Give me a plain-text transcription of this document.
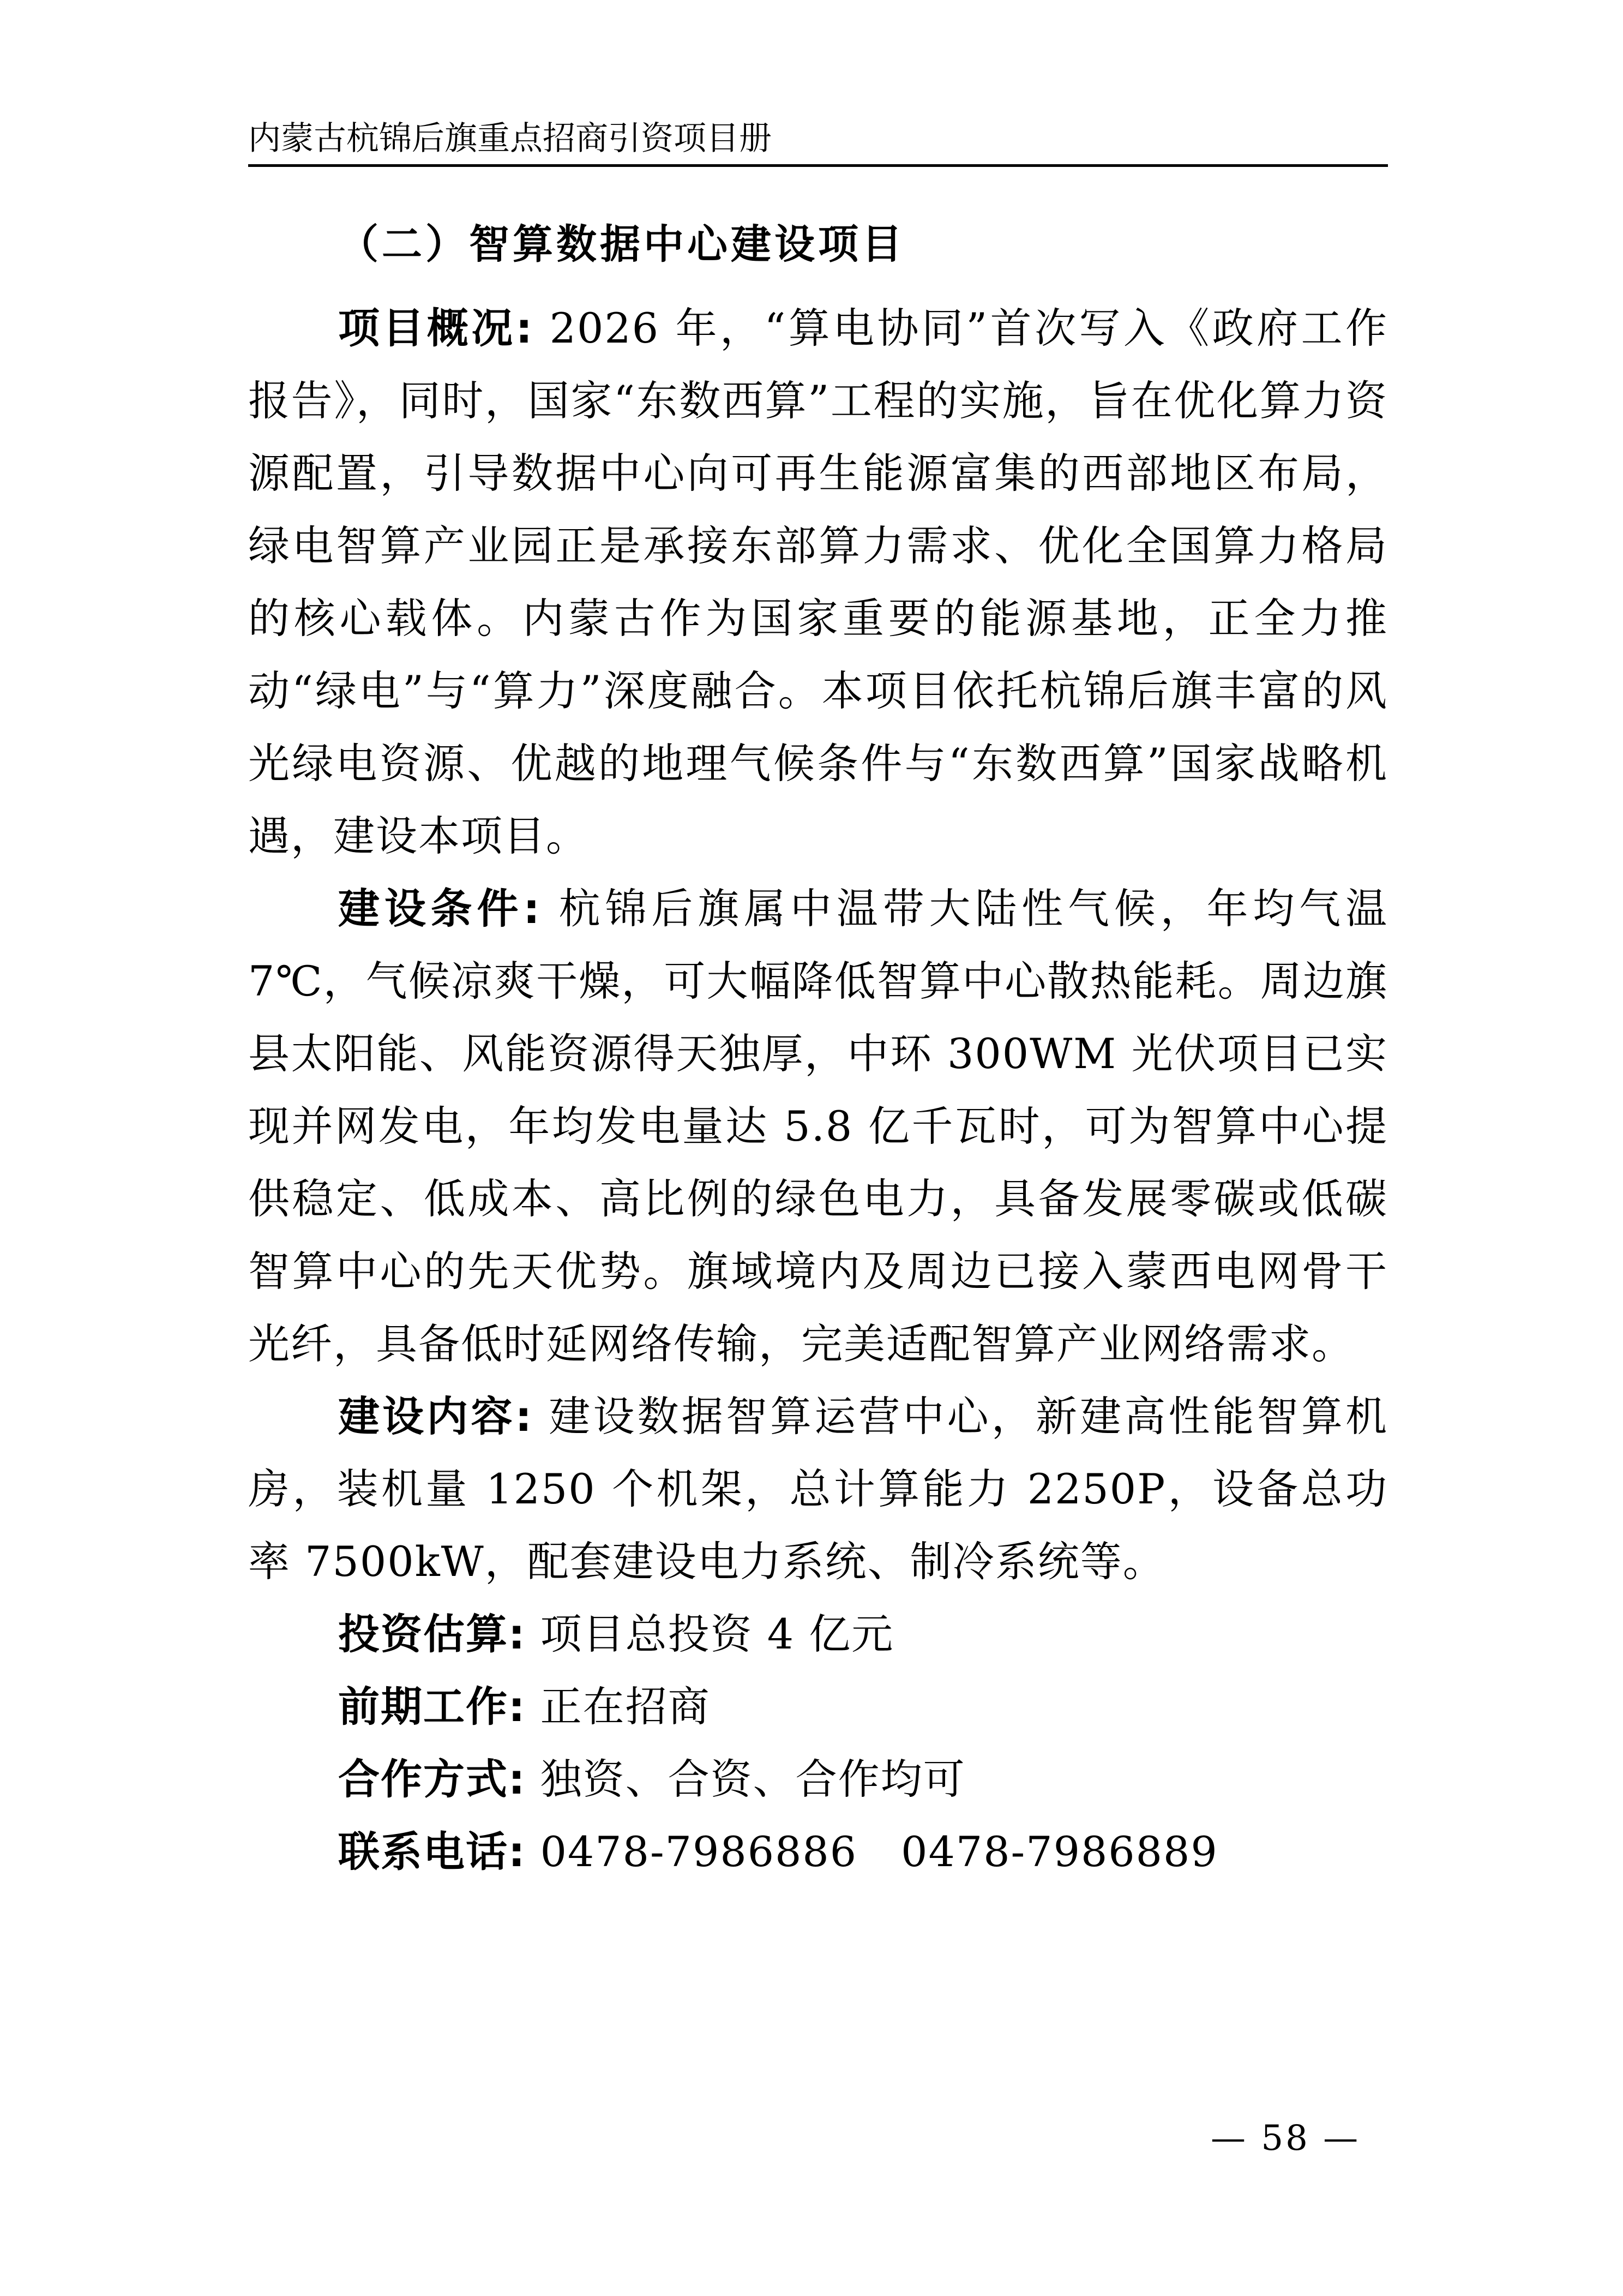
内蒙古杭锦后旗重点招商引资项目册
（二）智算数据中心建设项目

项目概况: 2026 年，“算电协同”首次写入《政府工作报告》，同时，国家“东数西算”工程的实施，旨在优化算力资源配置，引导数据中心向可再生能源富集的西部地区布局，绿电智算产业园正是承接东部算力需求、优化全国算力格局的核心载体。内蒙古作为国家重要的能源基地，正全力推动“绿电”与“算力”深度融合。本项目依托杭锦后旗丰富的风光绿电资源、优越的地理气候条件与“东数西算”国家战略机遇，建设本项目。

建设条件: 杭锦后旗属中温带大陆性气候，年均气温 7℃，气候凉爽干燥，可大幅降低智算中心散热能耗。周边旗县太阳能、风能资源得天独厚，中环 300WM 光伏项目已实现并网发电，年均发电量达 5.8 亿千瓦时，可为智算中心提供稳定、低成本、高比例的绿色电力，具备发展零碳或低碳智算中心的先天优势。旗域境内及周边已接入蒙西电网骨干光纤，具备低时延网络传输，完美适配智算产业网络需求。

建设内容: 建设数据智算运营中心，新建高性能智算机房，装机量 1250 个机架，总计算能力 2250P，设备总功率 7500kW，配套建设电力系统、制冷系统等。

投资估算: 项目总投资 4 亿元
前期工作: 正在招商
合作方式: 独资、合资、合作均可
联系电话: 0478-7986886 0478-7986889
— 58 —
